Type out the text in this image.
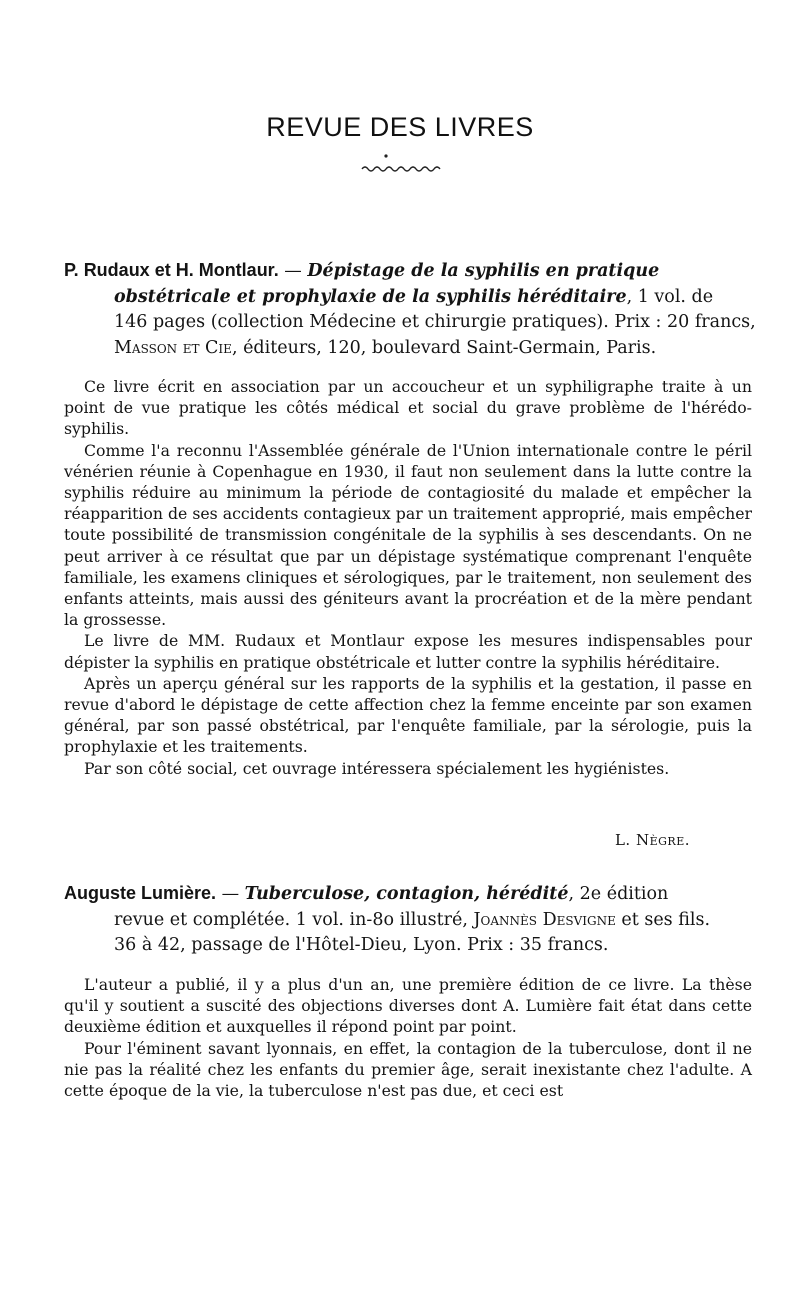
REVUE DES LIVRES
P. Rudaux et H. Montlaur. — Dépistage de la syphilis en pratique
obstétricale et prophylaxie de la syphilis héréditaire, 1 vol. de
146 pages (collection Médecine et chirurgie pratiques). Prix : 20 francs,
Masson et Cie, éditeurs, 120, boulevard Saint-Germain, Paris.

Ce livre écrit en association par un accoucheur et un syphiligraphe traite à un point de vue pratique les côtés médical et social du grave problème de l'hérédo-syphilis.

Comme l'a reconnu l'Assemblée générale de l'Union internationale contre le péril vénérien réunie à Copenhague en 1930, il faut non seulement dans la lutte contre la syphilis réduire au minimum la période de contagiosité du malade et empêcher la réapparition de ses accidents contagieux par un traitement approprié, mais empêcher toute possibilité de transmission congénitale de la syphilis à ses descendants. On ne peut arriver à ce résultat que par un dépistage systématique comprenant l'enquête familiale, les examens cliniques et sérologiques, par le traitement, non seulement des enfants atteints, mais aussi des géniteurs avant la procréation et de la mère pendant la grossesse.

Le livre de MM. Rudaux et Montlaur expose les mesures indispensables pour dépister la syphilis en pratique obstétricale et lutter contre la syphilis héréditaire.

Après un aperçu général sur les rapports de la syphilis et la gestation, il passe en revue d'abord le dépistage de cette affection chez la femme enceinte par son examen général, par son passé obstétrical, par l'enquête familiale, par la sérologie, puis la prophylaxie et les traitements.

Par son côté social, cet ouvrage intéressera spécialement les hygiénistes.

L. Nègre.
Auguste Lumière. — Tuberculose, contagion, hérédité, 2e édition
revue et complétée. 1 vol. in-8o illustré, Joannès Desvigne et ses fils.
36 à 42, passage de l'Hôtel-Dieu, Lyon. Prix : 35 francs.

L'auteur a publié, il y a plus d'un an, une première édition de ce livre. La thèse qu'il y soutient a suscité des objections diverses dont A. Lumière fait état dans cette deuxième édition et auxquelles il répond point par point.

Pour l'éminent savant lyonnais, en effet, la contagion de la tuberculose, dont il ne nie pas la réalité chez les enfants du premier âge, serait inexistante chez l'adulte. A cette époque de la vie, la tuberculose n'est pas due, et ceci est
